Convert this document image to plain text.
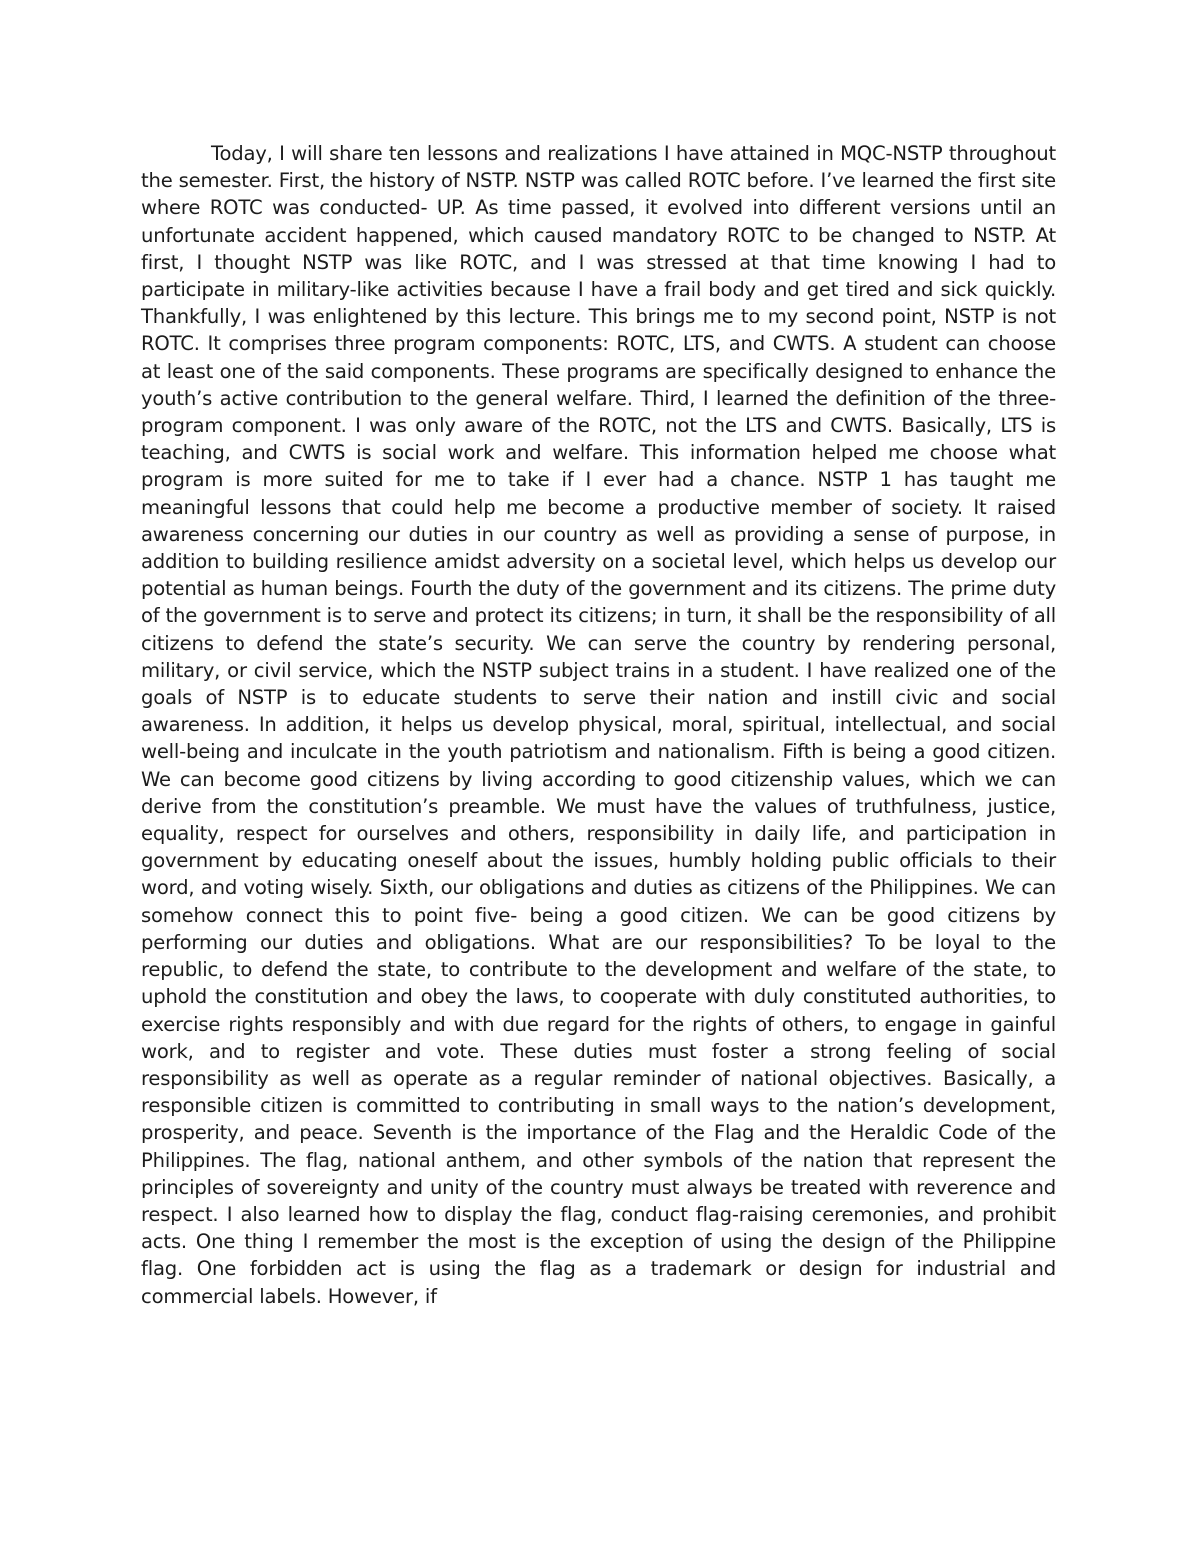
Today, I will share ten lessons and realizations I have attained in MQC-NSTP throughout the semester. First, the history of NSTP. NSTP was called ROTC before. I’ve learned the first site where ROTC was conducted- UP. As time passed, it evolved into different versions until an unfortunate accident happened, which caused mandatory ROTC to be changed to NSTP. At first, I thought NSTP was like ROTC, and I was stressed at that time knowing I had to participate in military-like activities because I have a frail body and get tired and sick quickly. Thankfully, I was enlightened by this lecture. This brings me to my second point, NSTP is not ROTC. It comprises three program components: ROTC, LTS, and CWTS. A student can choose at least one of the said components. These programs are specifically designed to enhance the youth’s active contribution to the general welfare. Third, I learned the definition of the three-program component. I was only aware of the ROTC, not the LTS and CWTS. Basically, LTS is teaching, and CWTS is social work and welfare. This information helped me choose what program is more suited for me to take if I ever had a chance. NSTP 1 has taught me meaningful lessons that could help me become a productive member of society. It raised awareness concerning our duties in our country as well as providing a sense of purpose, in addition to building resilience amidst adversity on a societal level, which helps us develop our potential as human beings. Fourth the duty of the government and its citizens. The prime duty of the government is to serve and protect its citizens; in turn, it shall be the responsibility of all citizens to defend the state’s security. We can serve the country by rendering personal, military, or civil service, which the NSTP subject trains in a student. I have realized one of the goals of NSTP is to educate students to serve their nation and instill civic and social awareness. In addition, it helps us develop physical, moral, spiritual, intellectual, and social well-being and inculcate in the youth patriotism and nationalism. Fifth is being a good citizen. We can become good citizens by living according to good citizenship values, which we can derive from the constitution’s preamble. We must have the values of truthfulness, justice, equality, respect for ourselves and others, responsibility in daily life, and participation in government by educating oneself about the issues, humbly holding public officials to their word, and voting wisely. Sixth, our obligations and duties as citizens of the Philippines. We can somehow connect this to point five- being a good citizen. We can be good citizens by performing our duties and obligations. What are our responsibilities? To be loyal to the republic, to defend the state, to contribute to the development and welfare of the state, to uphold the constitution and obey the laws, to cooperate with duly constituted authorities, to exercise rights responsibly and with due regard for the rights of others, to engage in gainful work, and to register and vote. These duties must foster a strong feeling of social responsibility as well as operate as a regular reminder of national objectives. Basically, a responsible citizen is committed to contributing in small ways to the nation’s development, prosperity, and peace. Seventh is the importance of the Flag and the Heraldic Code of the Philippines. The flag, national anthem, and other symbols of the nation that represent the principles of sovereignty and unity of the country must always be treated with reverence and respect. I also learned how to display the flag, conduct flag-raising ceremonies, and prohibit acts. One thing I remember the most is the exception of using the design of the Philippine flag. One forbidden act is using the flag as a trademark or design for industrial and commercial labels. However, if
